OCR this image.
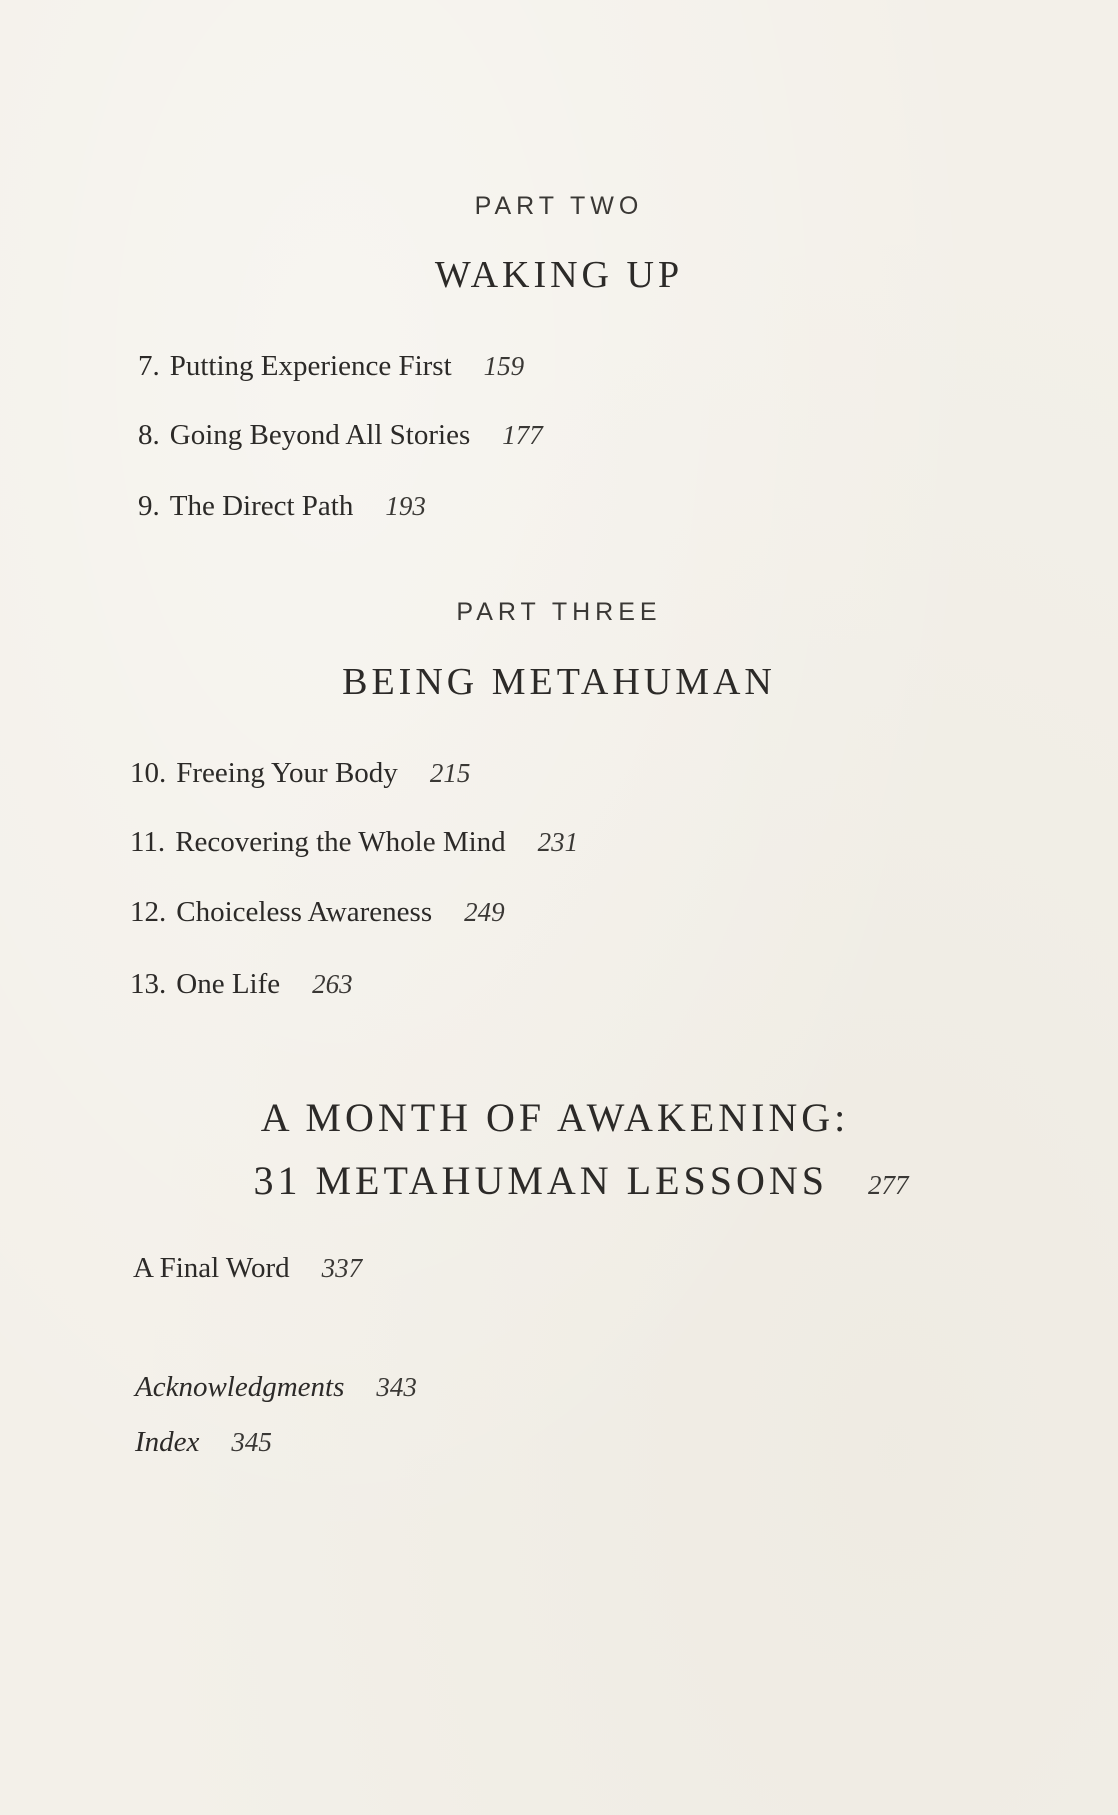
PART TWO
WAKING UP
7. Putting Experience First 159
8. Going Beyond All Stories 177
9. The Direct Path 193
PART THREE
BEING METAHUMAN
10. Freeing Your Body 215
11. Recovering the Whole Mind 231
12. Choiceless Awareness 249
13. One Life 263
A MONTH OF AWAKENING:
31 METAHUMAN LESSONS 277
A Final Word 337
Acknowledgments 343
Index 345
